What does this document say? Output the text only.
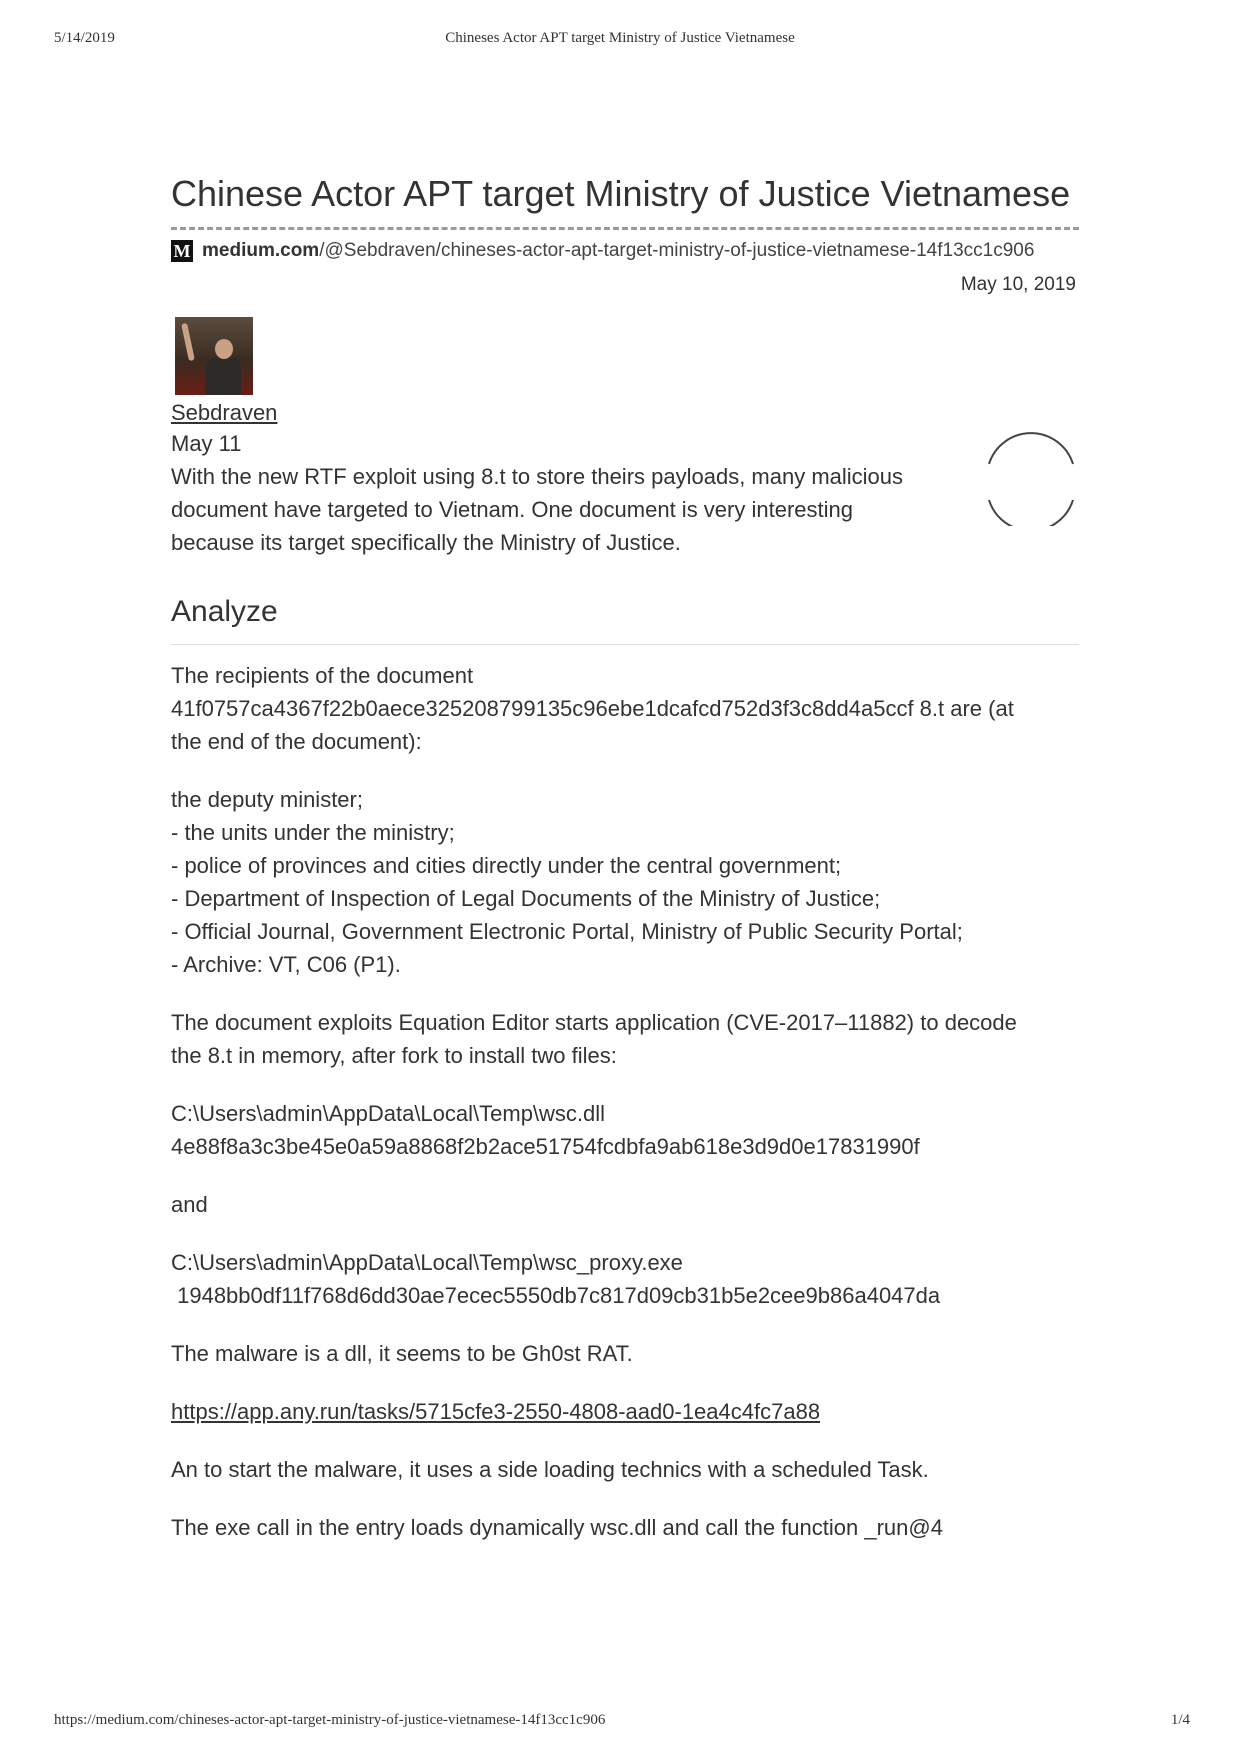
5/14/2019	Chineses Actor APT target Ministry of Justice Vietnamese
Chinese Actor APT target Ministry of Justice Vietnamese
M medium.com/@Sebdraven/chineses-actor-apt-target-ministry-of-justice-vietnamese-14f13cc1c906
May 10, 2019
Sebdraven
May 11

With the new RTF exploit using 8.t to store theirs payloads, many malicious
document have targeted to Vietnam. One document is very interesting
because its target specifically the Ministry of Justice.

Analyze

The recipients of the document
41f0757ca4367f22b0aece325208799135c96ebe1dcafcd752d3f3c8dd4a5ccf 8.t are (at
the end of the document):

the deputy minister;
- the units under the ministry;
- police of provinces and cities directly under the central government;
- Department of Inspection of Legal Documents of the Ministry of Justice;
- Official Journal, Government Electronic Portal, Ministry of Public Security Portal;
- Archive: VT, C06 (P1).

The document exploits Equation Editor starts application (CVE-2017–11882) to decode
the 8.t in memory, after fork to install two files:

C:\Users\admin\AppData\Local\Temp\wsc.dll
4e88f8a3c3be45e0a59a8868f2b2ace51754fcdbfa9ab618e3d9d0e17831990f

and

C:\Users\admin\AppData\Local\Temp\wsc_proxy.exe
1948bb0df11f768d6dd30ae7ecec5550db7c817d09cb31b5e2cee9b86a4047da

The malware is a dll, it seems to be Gh0st RAT.

https://app.any.run/tasks/5715cfe3-2550-4808-aad0-1ea4c4fc7a88

An to start the malware, it uses a side loading technics with a scheduled Task.

The exe call in the entry loads dynamically wsc.dll and call the function _run@4

https://medium.com/chineses-actor-apt-target-ministry-of-justice-vietnamese-14f13cc1c906	1/4
